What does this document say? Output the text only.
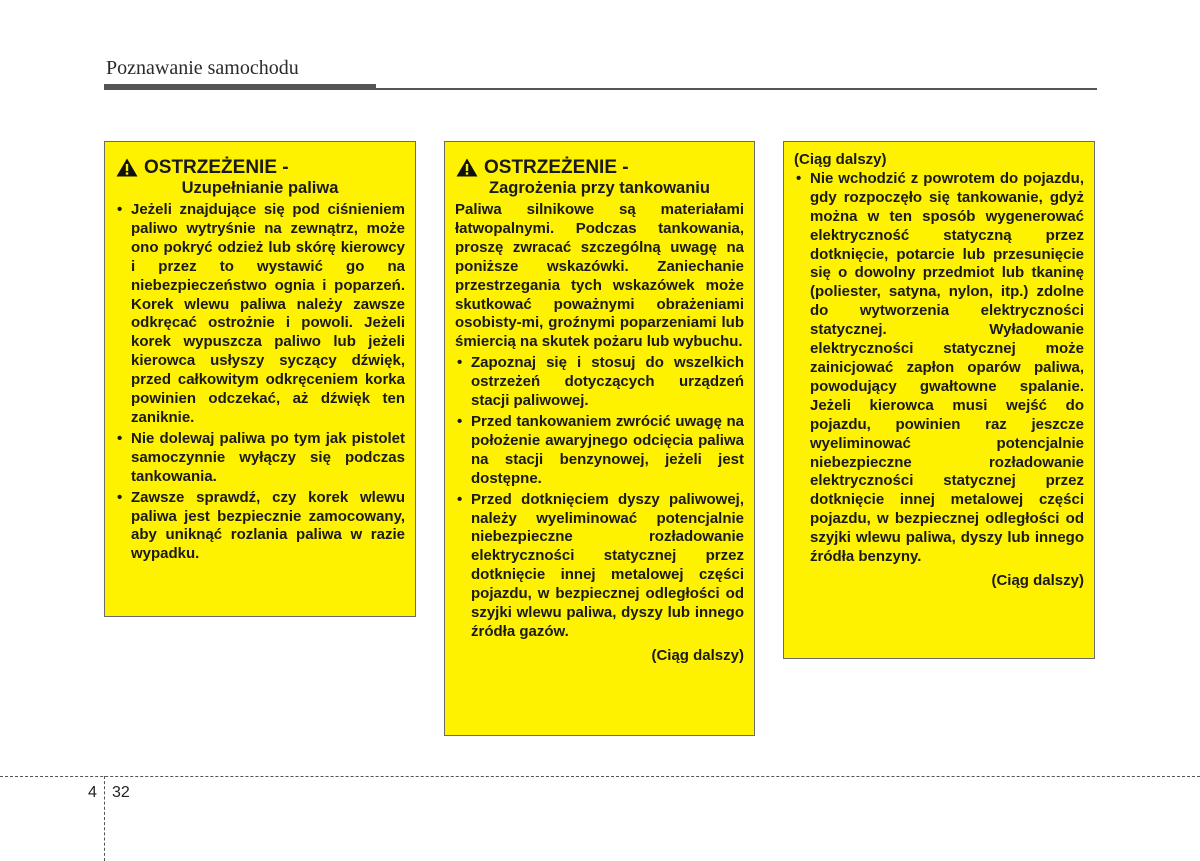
Poznawanie samochodu
OSTRZEŻENIE -
Uzupełnianie paliwa
• Jeżeli znajdujące się pod ciśnieniem paliwo wytryśnie na zewnątrz, może ono pokryć odzież lub skórę kierowcy i przez to wystawić go na niebezpieczeństwo ognia i poparzeń. Korek wlewu paliwa należy zawsze odkręcać ostrożnie i powoli. Jeżeli korek wypuszcza paliwo lub jeżeli kierowca usłyszy syczący dźwięk, przed całkowitym odkręceniem korka powinien odczekać, aż dźwięk ten zaniknie.
• Nie dolewaj paliwa po tym jak pistolet samoczynnie wyłączy się podczas tankowania.
• Zawsze sprawdź, czy korek wlewu paliwa jest bezpiecznie zamocowany, aby uniknąć rozlania paliwa w razie wypadku.
OSTRZEŻENIE -
Zagrożenia przy tankowaniu
Paliwa silnikowe są materiałami łatwopalnymi. Podczas tankowania, proszę zwracać szczególną uwagę na poniższe wskazówki. Zaniechanie przestrzegania tych wskazówek może skutkować poważnymi obrażeniami osobisty-mi, groźnymi poparzeniami lub śmiercią na skutek pożaru lub wybuchu.
• Zapoznaj się i stosuj do wszelkich ostrzeżeń dotyczących urządzeń stacji paliwowej.
• Przed tankowaniem zwrócić uwagę na położenie awaryjnego odcięcia paliwa na stacji benzynowej, jeżeli jest dostępne.
• Przed dotknięciem dyszy paliwowej, należy wyeliminować potencjalnie niebezpieczne rozładowanie elektryczności statycznej przez dotknięcie innej metalowej części pojazdu, w bezpiecznej odległości od szyjki wlewu paliwa, dyszy lub innego źródła gazów.
(Ciąg dalszy)
(Ciąg dalszy)
• Nie wchodzić z powrotem do pojazdu, gdy rozpoczęło się tankowanie, gdyż można w ten sposób wygenerować elektryczność statyczną przez dotknięcie, potarcie lub przesunięcie się o dowolny przedmiot lub tkaninę (poliester, satyna, nylon, itp.) zdolne do wytworzenia elektryczności statycznej. Wyładowanie elektryczności statycznej może zainicjować zapłon oparów paliwa, powodujący gwałtowne spalanie. Jeżeli kierowca musi wejść do pojazdu, powinien raz jeszcze wyeliminować potencjalnie niebezpieczne rozładowanie elektryczności statycznej przez dotknięcie innej metalowej części pojazdu, w bezpiecznej odległości od szyjki wlewu paliwa, dyszy lub innego źródła benzyny.
(Ciąg dalszy)
4 32
